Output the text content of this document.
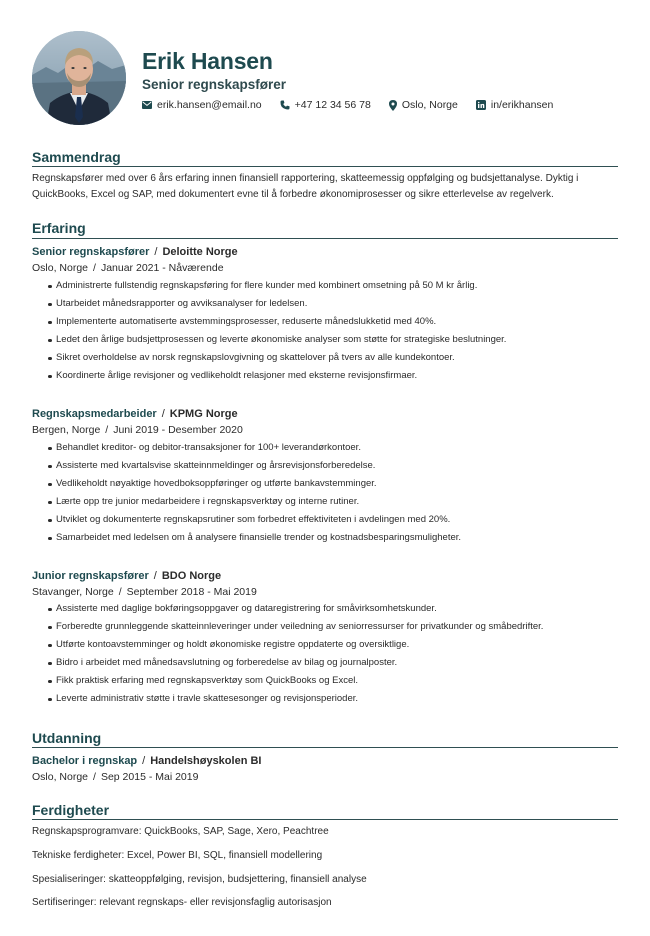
Erik Hansen
Senior regnskapsfører
erik.hansen@email.no	+47 12 34 56 78	Oslo, Norge	in/erikhansen
Sammendrag
Regnskapsfører med over 6 års erfaring innen finansiell rapportering, skatteemessig oppfølging og budsjettanalyse. Dyktig i QuickBooks, Excel og SAP, med dokumentert evne til å forbedre økonomiprosesser og sikre etterlevelse av regelverk.
Erfaring
Senior regnskapsfører / Deloitte Norge
Oslo, Norge / Januar 2021 - Nåværende
Administrerte fullstendig regnskapsføring for flere kunder med kombinert omsetning på 50 M kr årlig.
Utarbeidet månedsrapporter og avviksanalyser for ledelsen.
Implementerte automatiserte avstemmingsprosesser, reduserte månedslukketid med 40%.
Ledet den årlige budsjettprosessen og leverte økonomiske analyser som støtte for strategiske beslutninger.
Sikret overholdelse av norsk regnskapslovgivning og skattelover på tvers av alle kundekontoer.
Koordinerte årlige revisjoner og vedlikeholdt relasjoner med eksterne revisjonsfirmaer.
Regnskapsmedarbeider / KPMG Norge
Bergen, Norge / Juni 2019 - Desember 2020
Behandlet kreditor- og debitor-transaksjoner for 100+ leverandørkontoer.
Assisterte med kvartalsvise skatteinnmeldinger og årsrevisjonsforberedelse.
Vedlikeholdt nøyaktige hovedboksoppføringer og utførte bankavstemminger.
Lærte opp tre junior medarbeidere i regnskapsverktøy og interne rutiner.
Utviklet og dokumenterte regnskapsrutiner som forbedret effektiviteten i avdelingen med 20%.
Samarbeidet med ledelsen om å analysere finansielle trender og kostnadsbesparingsmuligheter.
Junior regnskapsfører / BDO Norge
Stavanger, Norge / September 2018 - Mai 2019
Assisterte med daglige bokføringsoppgaver og dataregistrering for småvirksomhetskunder.
Forberedte grunnleggende skatteinnleveringer under veiledning av seniorressurser for privatkunder og småbedrifter.
Utførte kontoavstemminger og holdt økonomiske registre oppdaterte og oversiktlige.
Bidro i arbeidet med månedsavslutning og forberedelse av bilag og journalposter.
Fikk praktisk erfaring med regnskapsverktøy som QuickBooks og Excel.
Leverte administrativ støtte i travle skattesesonger og revisjonsperioder.
Utdanning
Bachelor i regnskap / Handelshøyskolen BI
Oslo, Norge / Sep 2015 - Mai 2019
Ferdigheter
Regnskapsprogramvare: QuickBooks, SAP, Sage, Xero, Peachtree
Tekniske ferdigheter: Excel, Power BI, SQL, finansiell modellering
Spesialiseringer: skatteoppfølging, revisjon, budsjettering, finansiell analyse
Sertifiseringer: relevant regnskaps- eller revisjonsfaglig autorisasjon
